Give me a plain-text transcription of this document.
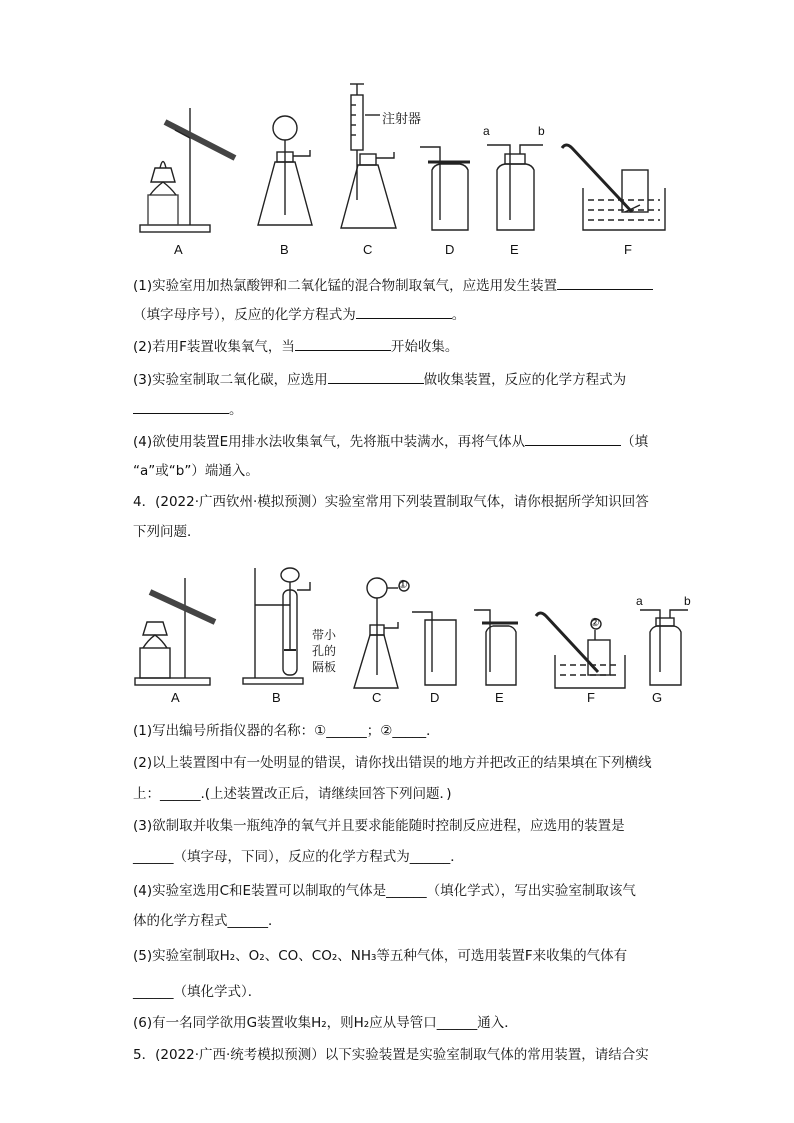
A	B	C	D	E	F
注射器
a	b
(1)实验室用加热氯酸钾和二氧化锰的混合物制取氧气，应选用发生装置
（填字母序号），反应的化学方程式为	。
(2)若用F装置收集氧气，当	开始收集。
(3)实验室制取二氧化碳，应选用	做收集装置，反应的化学方程式为
。
(4)欲使用装置E用排水法收集氧气，先将瓶中装满水，再将气体从	（填
“a”或“b”）端通入。
4．(2022·广西钦州·模拟预测）实验室常用下列装置制取气体，请你根据所学知识回答
下列问题．
A	B	C	D	E	F	G
①
②
带小
孔的
隔板
a	b
(1)写出编号所指仪器的名称：①______；②_____．
(2)以上装置图中有一处明显的错误，请你找出错误的地方并把改正的结果填在下列横线
上：______.(上述装置改正后，请继续回答下列问题．)
(3)欲制取并收集一瓶纯净的氧气并且要求能能随时控制反应进程，应选用的装置是
______（填字母，下同），反应的化学方程式为______．
(4)实验室选用C和E装置可以制取的气体是______（填化学式），写出实验室制取该气
体的化学方程式______．
(5)实验室制取H₂、O₂、CO、CO₂、NH₃等五种气体，可选用装置F来收集的气体有
______（填化学式）．
(6)有一名同学欲用G装置收集H₂，则H₂应从导管口______通入．
5．(2022·广西·统考模拟预测）以下实验装置是实验室制取气体的常用装置，请结合实
